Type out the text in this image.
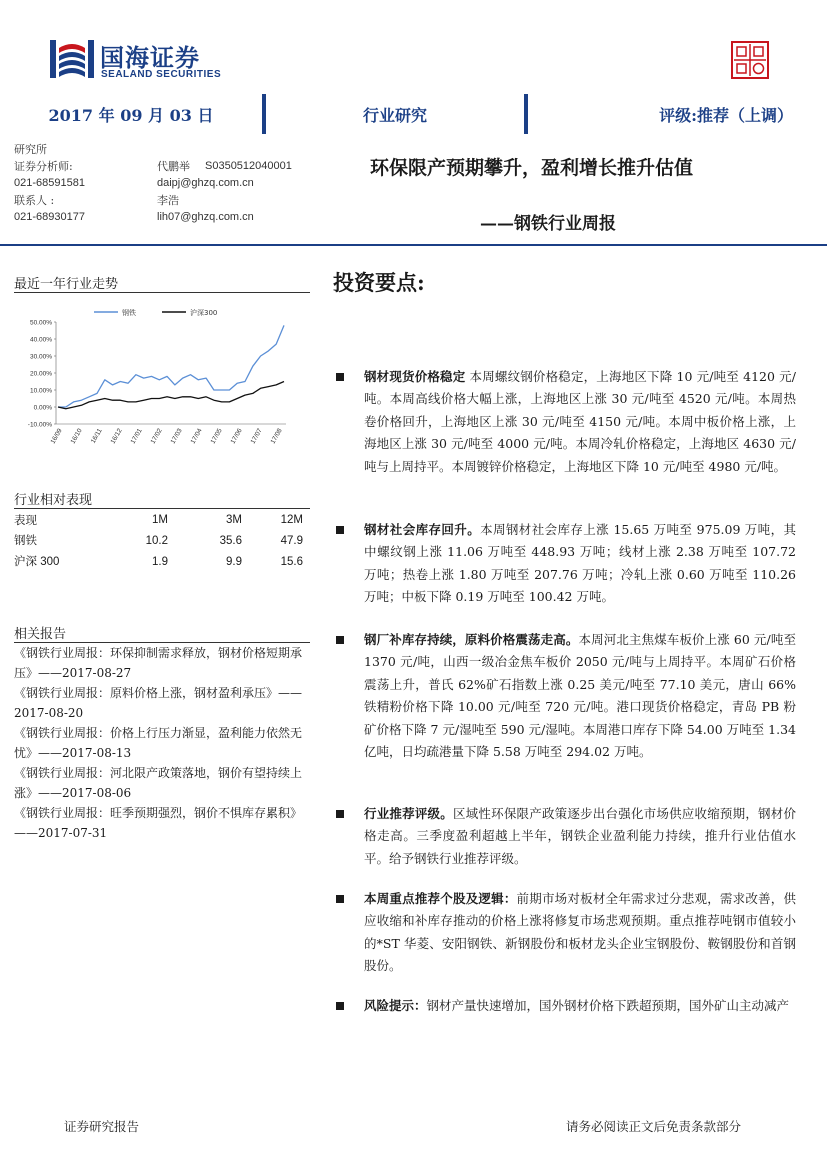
国海证券
SEALAND SECURITIES
2017 年 09 月 03 日	行业研究	评级:推荐（上调）
研究所
证券分析师:	代鹏举 S0350512040001
021-68591581	daipj@ghzq.com.cn
联系人 :	李浩
021-68930177	lih07@ghzq.com.cn
环保限产预期攀升，盈利增长推升估值
——钢铁行业周报
最近一年行业走势
钢铁	沪深300
50.00%
40.00%
30.00%
20.00%
10.00%
0.00%
-10.00%
16/09 16/10 16/11 16/12 17/01 17/02 17/03 17/04 17/05 17/06 17/07 17/08
行业相对表现
表现	1M	3M	12M
钢铁	10.2	35.6	47.9
沪深 300	1.9	9.9	15.6
相关报告
《钢铁行业周报：环保抑制需求释放，钢材价格短期承压》——2017-08-27
《钢铁行业周报：原料价格上涨，钢材盈利承压》——2017-08-20
《钢铁行业周报：价格上行压力渐显，盈利能力依然无忧》——2017-08-13
《钢铁行业周报：河北限产政策落地，钢价有望持续上涨》——2017-08-06
《钢铁行业周报：旺季预期强烈，钢价不惧库存累积》——2017-07-31
投资要点:
钢材现货价格稳定 本周螺纹钢价格稳定，上海地区下降 10 元/吨至 4120 元/吨。本周高线价格大幅上涨，上海地区上涨 30 元/吨至 4520 元/吨。本周热卷价格回升，上海地区上涨 30 元/吨至 4150 元/吨。本周中板价格上涨，上海地区上涨 30 元/吨至 4000 元/吨。本周冷轧价格稳定，上海地区 4630 元/吨与上周持平。本周镀锌价格稳定，上海地区下降 10 元/吨至 4980 元/吨。
钢材社会库存回升。本周钢材社会库存上涨 15.65 万吨至 975.09 万吨，其中螺纹钢上涨 11.06 万吨至 448.93 万吨；线材上涨 2.38 万吨至 107.72 万吨；热卷上涨 1.80 万吨至 207.76 万吨；冷轧上涨 0.60 万吨至 110.26 万吨；中板下降 0.19 万吨至 100.42 万吨。
钢厂补库存持续，原料价格震荡走高。本周河北主焦煤车板价上涨 60 元/吨至 1370 元/吨，山西一级冶金焦车板价 2050 元/吨与上周持平。本周矿石价格震荡上升，普氏 62%矿石指数上涨 0.25 美元/吨至 77.10 美元，唐山 66%铁精粉价格下降 10.00 元/吨至 720 元/吨。港口现货价格稳定，青岛 PB 粉矿价格下降 7 元/湿吨至 590 元/湿吨。本周港口库存下降 54.00 万吨至 1.34 亿吨，日均疏港量下降 5.58 万吨至 294.02 万吨。
行业推荐评级。区域性环保限产政策逐步出台强化市场供应收缩预期，钢材价格走高。三季度盈利超越上半年，钢铁企业盈利能力持续，推升行业估值水平。给予钢铁行业推荐评级。
本周重点推荐个股及逻辑：前期市场对板材全年需求过分悲观，需求改善，供应收缩和补库存推动的价格上涨将修复市场悲观预期。重点推荐吨钢市值较小的*ST 华菱、安阳钢铁、新钢股份和板材龙头企业宝钢股份、鞍钢股份和首钢股份。
风险提示：钢材产量快速增加，国外钢材价格下跌超预期，国外矿山主动减产
证券研究报告	请务必阅读正文后免责条款部分
